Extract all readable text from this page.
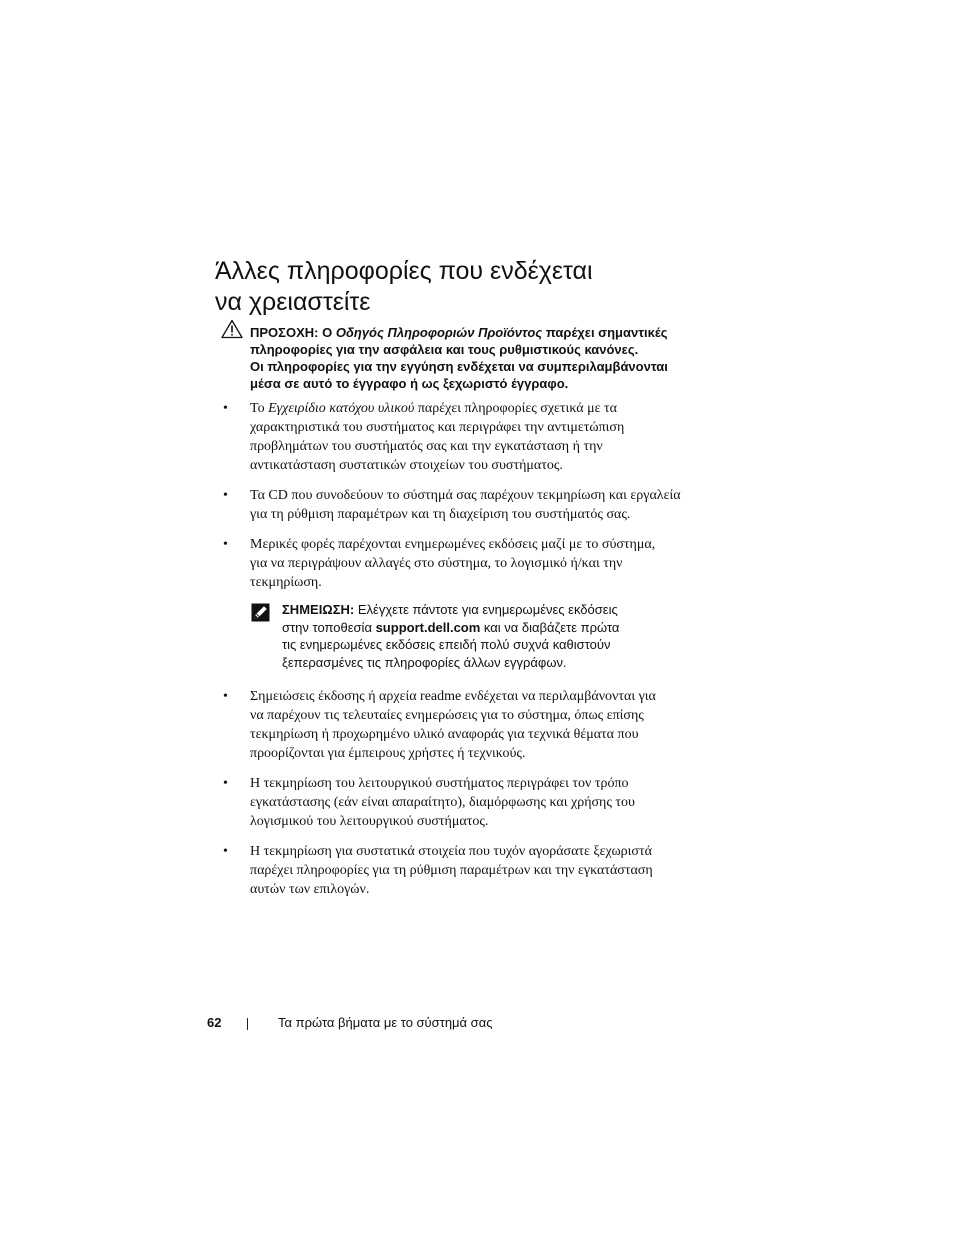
Άλλες πληροφορίες που ενδέχεται
να χρειαστείτε
ΠΡΟΣΟΧΗ: Ο Οδηγός Πληροφοριών Προϊόντος παρέχει σημαντικές
πληροφορίες για την ασφάλεια και τους ρυθμιστικούς κανόνες.
Οι πληροφορίες για την εγγύηση ενδέχεται να συμπεριλαμβάνονται
μέσα σε αυτό το έγγραφο ή ως ξεχωριστό έγγραφο.
• Το Εγχειρίδιο κατόχου υλικού παρέχει πληροφορίες σχετικά με τα
χαρακτηριστικά του συστήματος και περιγράφει την αντιμετώπιση
προβλημάτων του συστήματός σας και την εγκατάσταση ή την
αντικατάσταση συστατικών στοιχείων του συστήματος.
• Τα CD που συνοδεύουν το σύστημά σας παρέχουν τεκμηρίωση και εργαλεία
για τη ρύθμιση παραμέτρων και τη διαχείριση του συστήματός σας.
• Μερικές φορές παρέχονται ενημερωμένες εκδόσεις μαζί με το σύστημα,
για να περιγράψουν αλλαγές στο σύστημα, το λογισμικό ή/και την
τεκμηρίωση.
ΣΗΜΕΙΩΣΗ: Ελέγχετε πάντοτε για ενημερωμένες εκδόσεις
στην τοποθεσία support.dell.com και να διαβάζετε πρώτα
τις ενημερωμένες εκδόσεις επειδή πολύ συχνά καθιστούν
ξεπερασμένες τις πληροφορίες άλλων εγγράφων.
• Σημειώσεις έκδοσης ή αρχεία readme ενδέχεται να περιλαμβάνονται για
να παρέχουν τις τελευταίες ενημερώσεις για το σύστημα, όπως επίσης
τεκμηρίωση ή προχωρημένο υλικό αναφοράς για τεχνικά θέματα που
προορίζονται για έμπειρους χρήστες ή τεχνικούς.
• Η τεκμηρίωση του λειτουργικού συστήματος περιγράφει τον τρόπο
εγκατάστασης (εάν είναι απαραίτητο), διαμόρφωσης και χρήσης του
λογισμικού του λειτουργικού συστήματος.
• Η τεκμηρίωση για συστατικά στοιχεία που τυχόν αγοράσατε ξεχωριστά
παρέχει πληροφορίες για τη ρύθμιση παραμέτρων και την εγκατάσταση
αυτών των επιλογών.
62	Τα πρώτα βήματα με το σύστημά σας
